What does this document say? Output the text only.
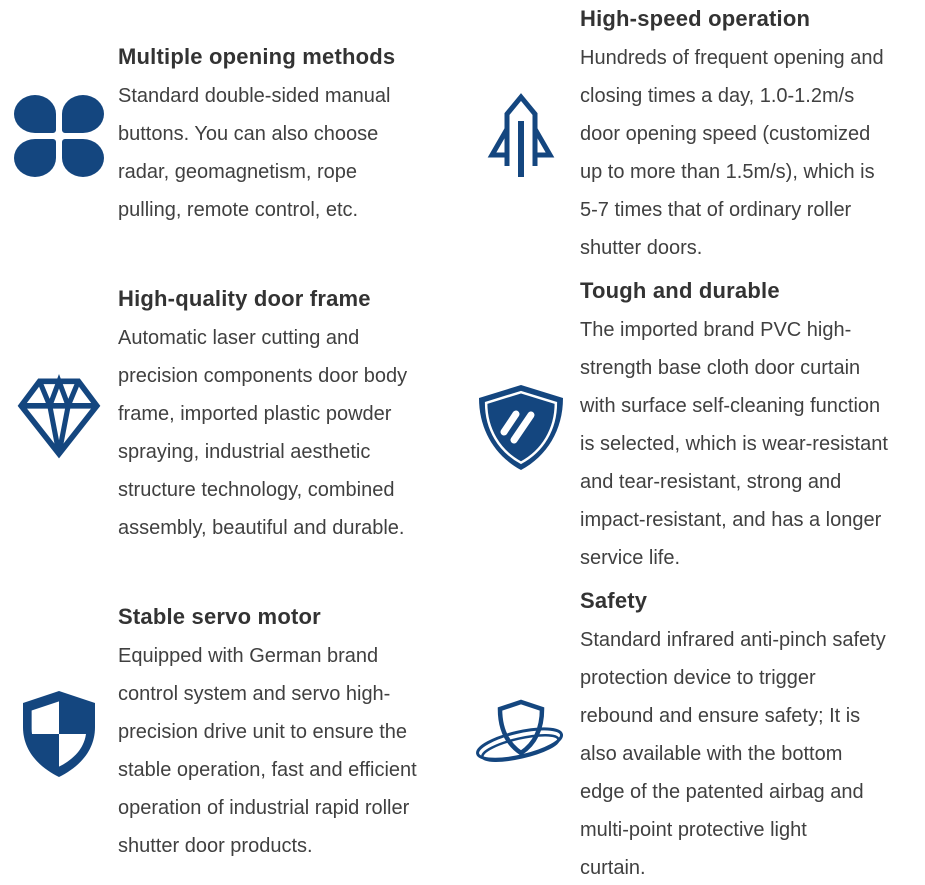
Multiple opening methods
Standard double-sided manual
buttons. You can also choose
radar, geomagnetism, rope
pulling, remote control, etc.
High-quality door frame
Automatic laser cutting and
precision components door body
frame, imported plastic powder
spraying, industrial aesthetic
structure technology, combined
assembly, beautiful and durable.
Stable servo motor
Equipped with German brand
control system and servo high-
precision drive unit to ensure the
stable operation, fast and efficient
operation of industrial rapid roller
shutter door products.
High-speed operation
Hundreds of frequent opening and
closing times a day, 1.0-1.2m/s
door opening speed (customized
up to more than 1.5m/s), which is
5-7 times that of ordinary roller
shutter doors.
Tough and durable
The imported brand PVC high-
strength base cloth door curtain
with surface self-cleaning function
is selected, which is wear-resistant
and tear-resistant, strong and
impact-resistant, and has a longer
service life.
Safety
Standard infrared anti-pinch safety
protection device to trigger
rebound and ensure safety; It is
also available with the bottom
edge of the patented airbag and
multi-point protective light
curtain.
